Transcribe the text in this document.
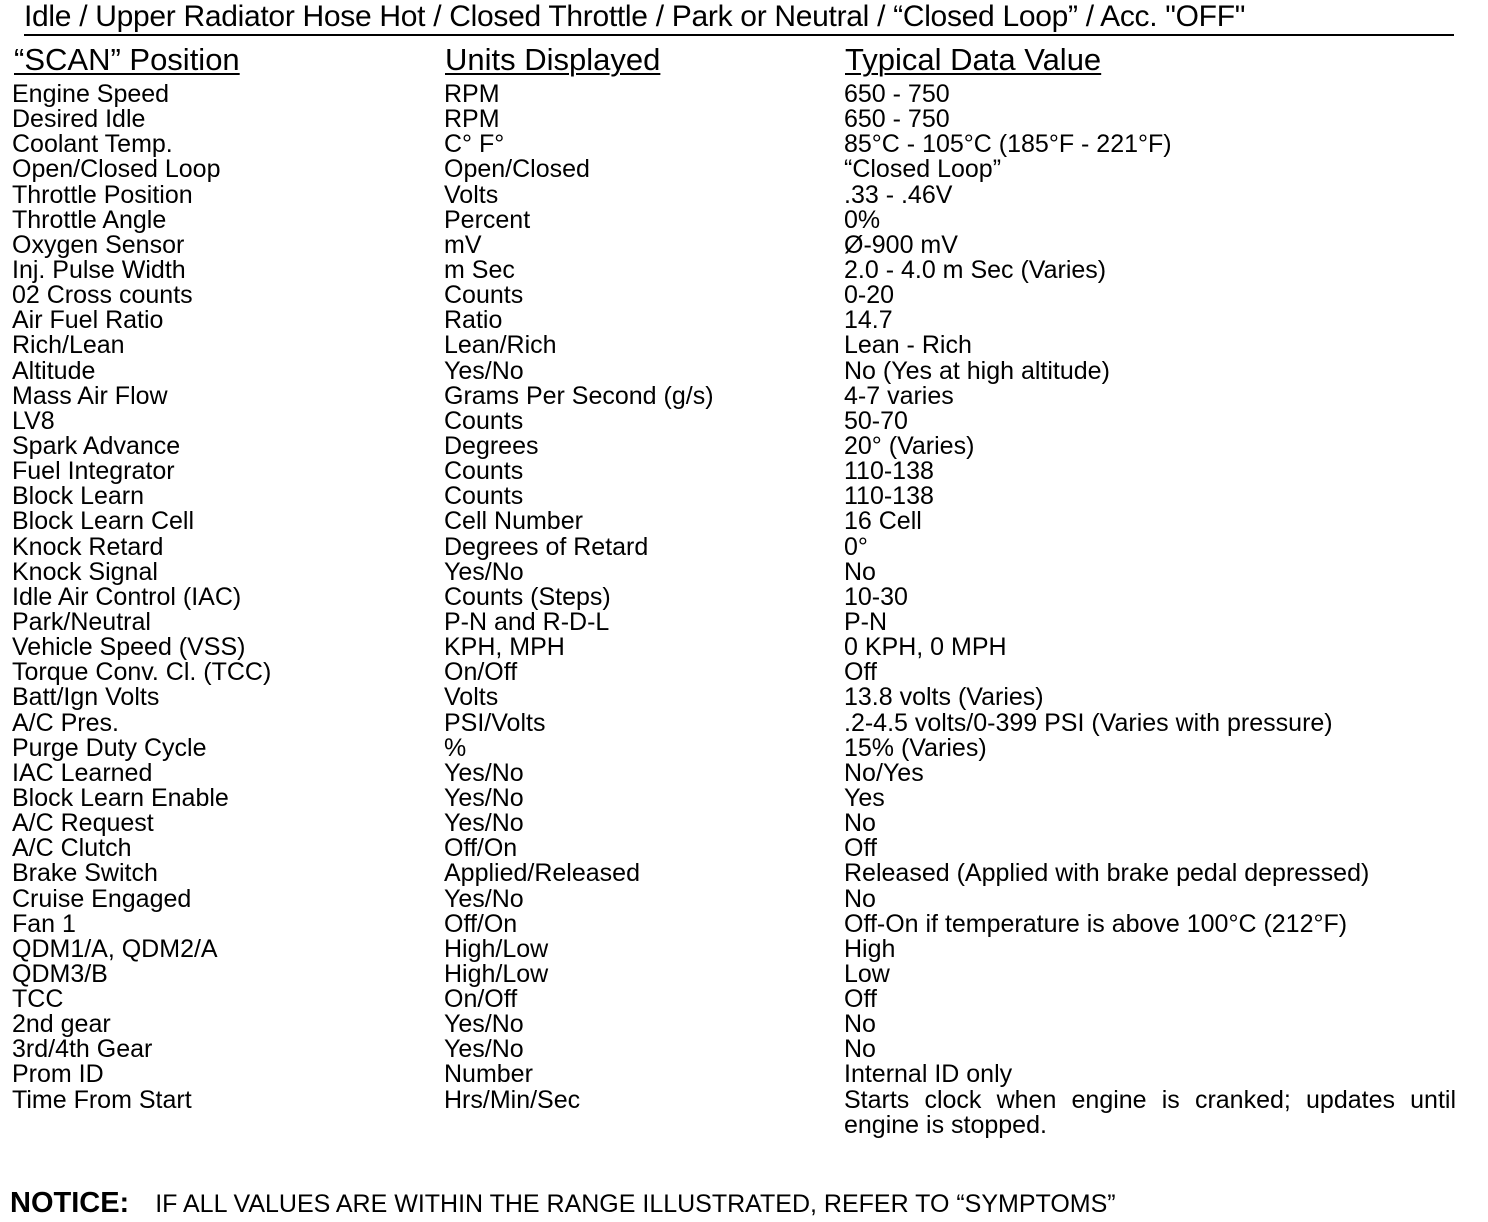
Idle / Upper Radiator Hose Hot / Closed Throttle / Park or Neutral / “Closed Loop” / Acc. "OFF"
“SCAN” Position	Units Displayed	Typical Data Value
Engine Speed	RPM	650 - 750
Desired Idle	RPM	650 - 750
Coolant Temp.	C° F°	85°C - 105°C (185°F - 221°F)
Open/Closed Loop	Open/Closed	“Closed Loop”
Throttle Position	Volts	.33 - .46V
Throttle Angle	Percent	0%
Oxygen Sensor	mV	Ø-900 mV
Inj. Pulse Width	m Sec	2.0 - 4.0 m Sec (Varies)
02 Cross counts	Counts	0-20
Air Fuel Ratio	Ratio	14.7
Rich/Lean	Lean/Rich	Lean - Rich
Altitude	Yes/No	No (Yes at high altitude)
Mass Air Flow	Grams Per Second (g/s)	4-7 varies
LV8	Counts	50-70
Spark Advance	Degrees	20° (Varies)
Fuel Integrator	Counts	110-138
Block Learn	Counts	110-138
Block Learn Cell	Cell Number	16 Cell
Knock Retard	Degrees of Retard	0°
Knock Signal	Yes/No	No
Idle Air Control (IAC)	Counts (Steps)	10-30
Park/Neutral	P-N and R-D-L	P-N
Vehicle Speed (VSS)	KPH, MPH	0 KPH, 0 MPH
Torque Conv. Cl. (TCC)	On/Off	Off
Batt/Ign Volts	Volts	13.8 volts (Varies)
A/C Pres.	PSI/Volts	.2-4.5 volts/0-399 PSI (Varies with pressure)
Purge Duty Cycle	%	15% (Varies)
IAC Learned	Yes/No	No/Yes
Block Learn Enable	Yes/No	Yes
A/C Request	Yes/No	No
A/C Clutch	Off/On	Off
Brake Switch	Applied/Released	Released (Applied with brake pedal depressed)
Cruise Engaged	Yes/No	No
Fan 1	Off/On	Off-On if temperature is above 100°C (212°F)
QDM1/A, QDM2/A	High/Low	High
QDM3/B	High/Low	Low
TCC	On/Off	Off
2nd gear	Yes/No	No
3rd/4th Gear	Yes/No	No
Prom ID	Number	Internal ID only
Time From Start	Hrs/Min/Sec	Starts clock when engine is cranked; updates until engine is stopped.
NOTICE: IF ALL VALUES ARE WITHIN THE RANGE ILLUSTRATED, REFER TO “SYMPTOMS”
